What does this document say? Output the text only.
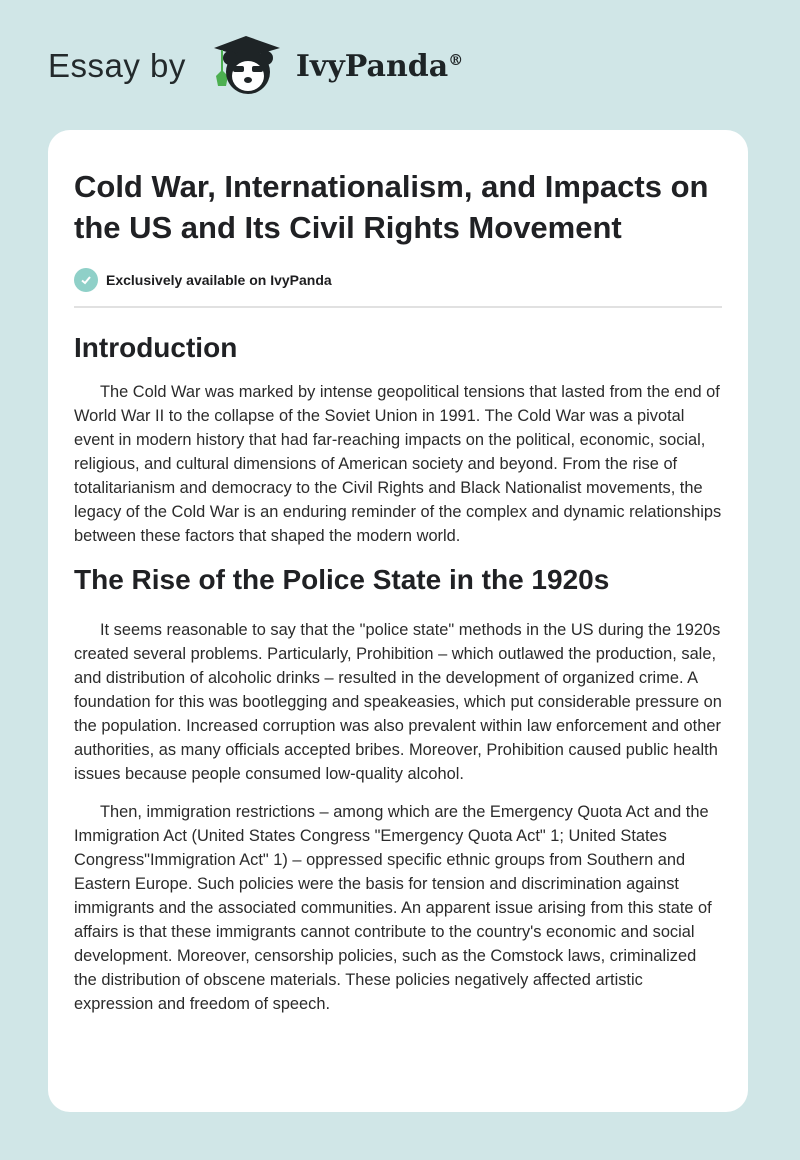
Essay by	IvyPanda®
Cold War, Internationalism, and Impacts on the US and Its Civil Rights Movement
Exclusively available on IvyPanda
Introduction

The Cold War was marked by intense geopolitical tensions that lasted from the end of World War II to the collapse of the Soviet Union in 1991. The Cold War was a pivotal event in modern history that had far-reaching impacts on the political, economic, social, religious, and cultural dimensions of American society and beyond. From the rise of totalitarianism and democracy to the Civil Rights and Black Nationalist movements, the legacy of the Cold War is an enduring reminder of the complex and dynamic relationships between these factors that shaped the modern world.

The Rise of the Police State in the 1920s

It seems reasonable to say that the "police state" methods in the US during the 1920s created several problems. Particularly, Prohibition – which outlawed the production, sale, and distribution of alcoholic drinks – resulted in the development of organized crime. A foundation for this was bootlegging and speakeasies, which put considerable pressure on the population. Increased corruption was also prevalent within law enforcement and other authorities, as many officials accepted bribes. Moreover, Prohibition caused public health issues because people consumed low-quality alcohol.

Then, immigration restrictions – among which are the Emergency Quota Act and the Immigration Act (United States Congress "Emergency Quota Act" 1; United States Congress"Immigration Act" 1) – oppressed specific ethnic groups from Southern and Eastern Europe. Such policies were the basis for tension and discrimination against immigrants and the associated communities. An apparent issue arising from this state of affairs is that these immigrants cannot contribute to the country's economic and social development. Moreover, censorship policies, such as the Comstock laws, criminalized the distribution of obscene materials. These policies negatively affected artistic expression and freedom of speech.
